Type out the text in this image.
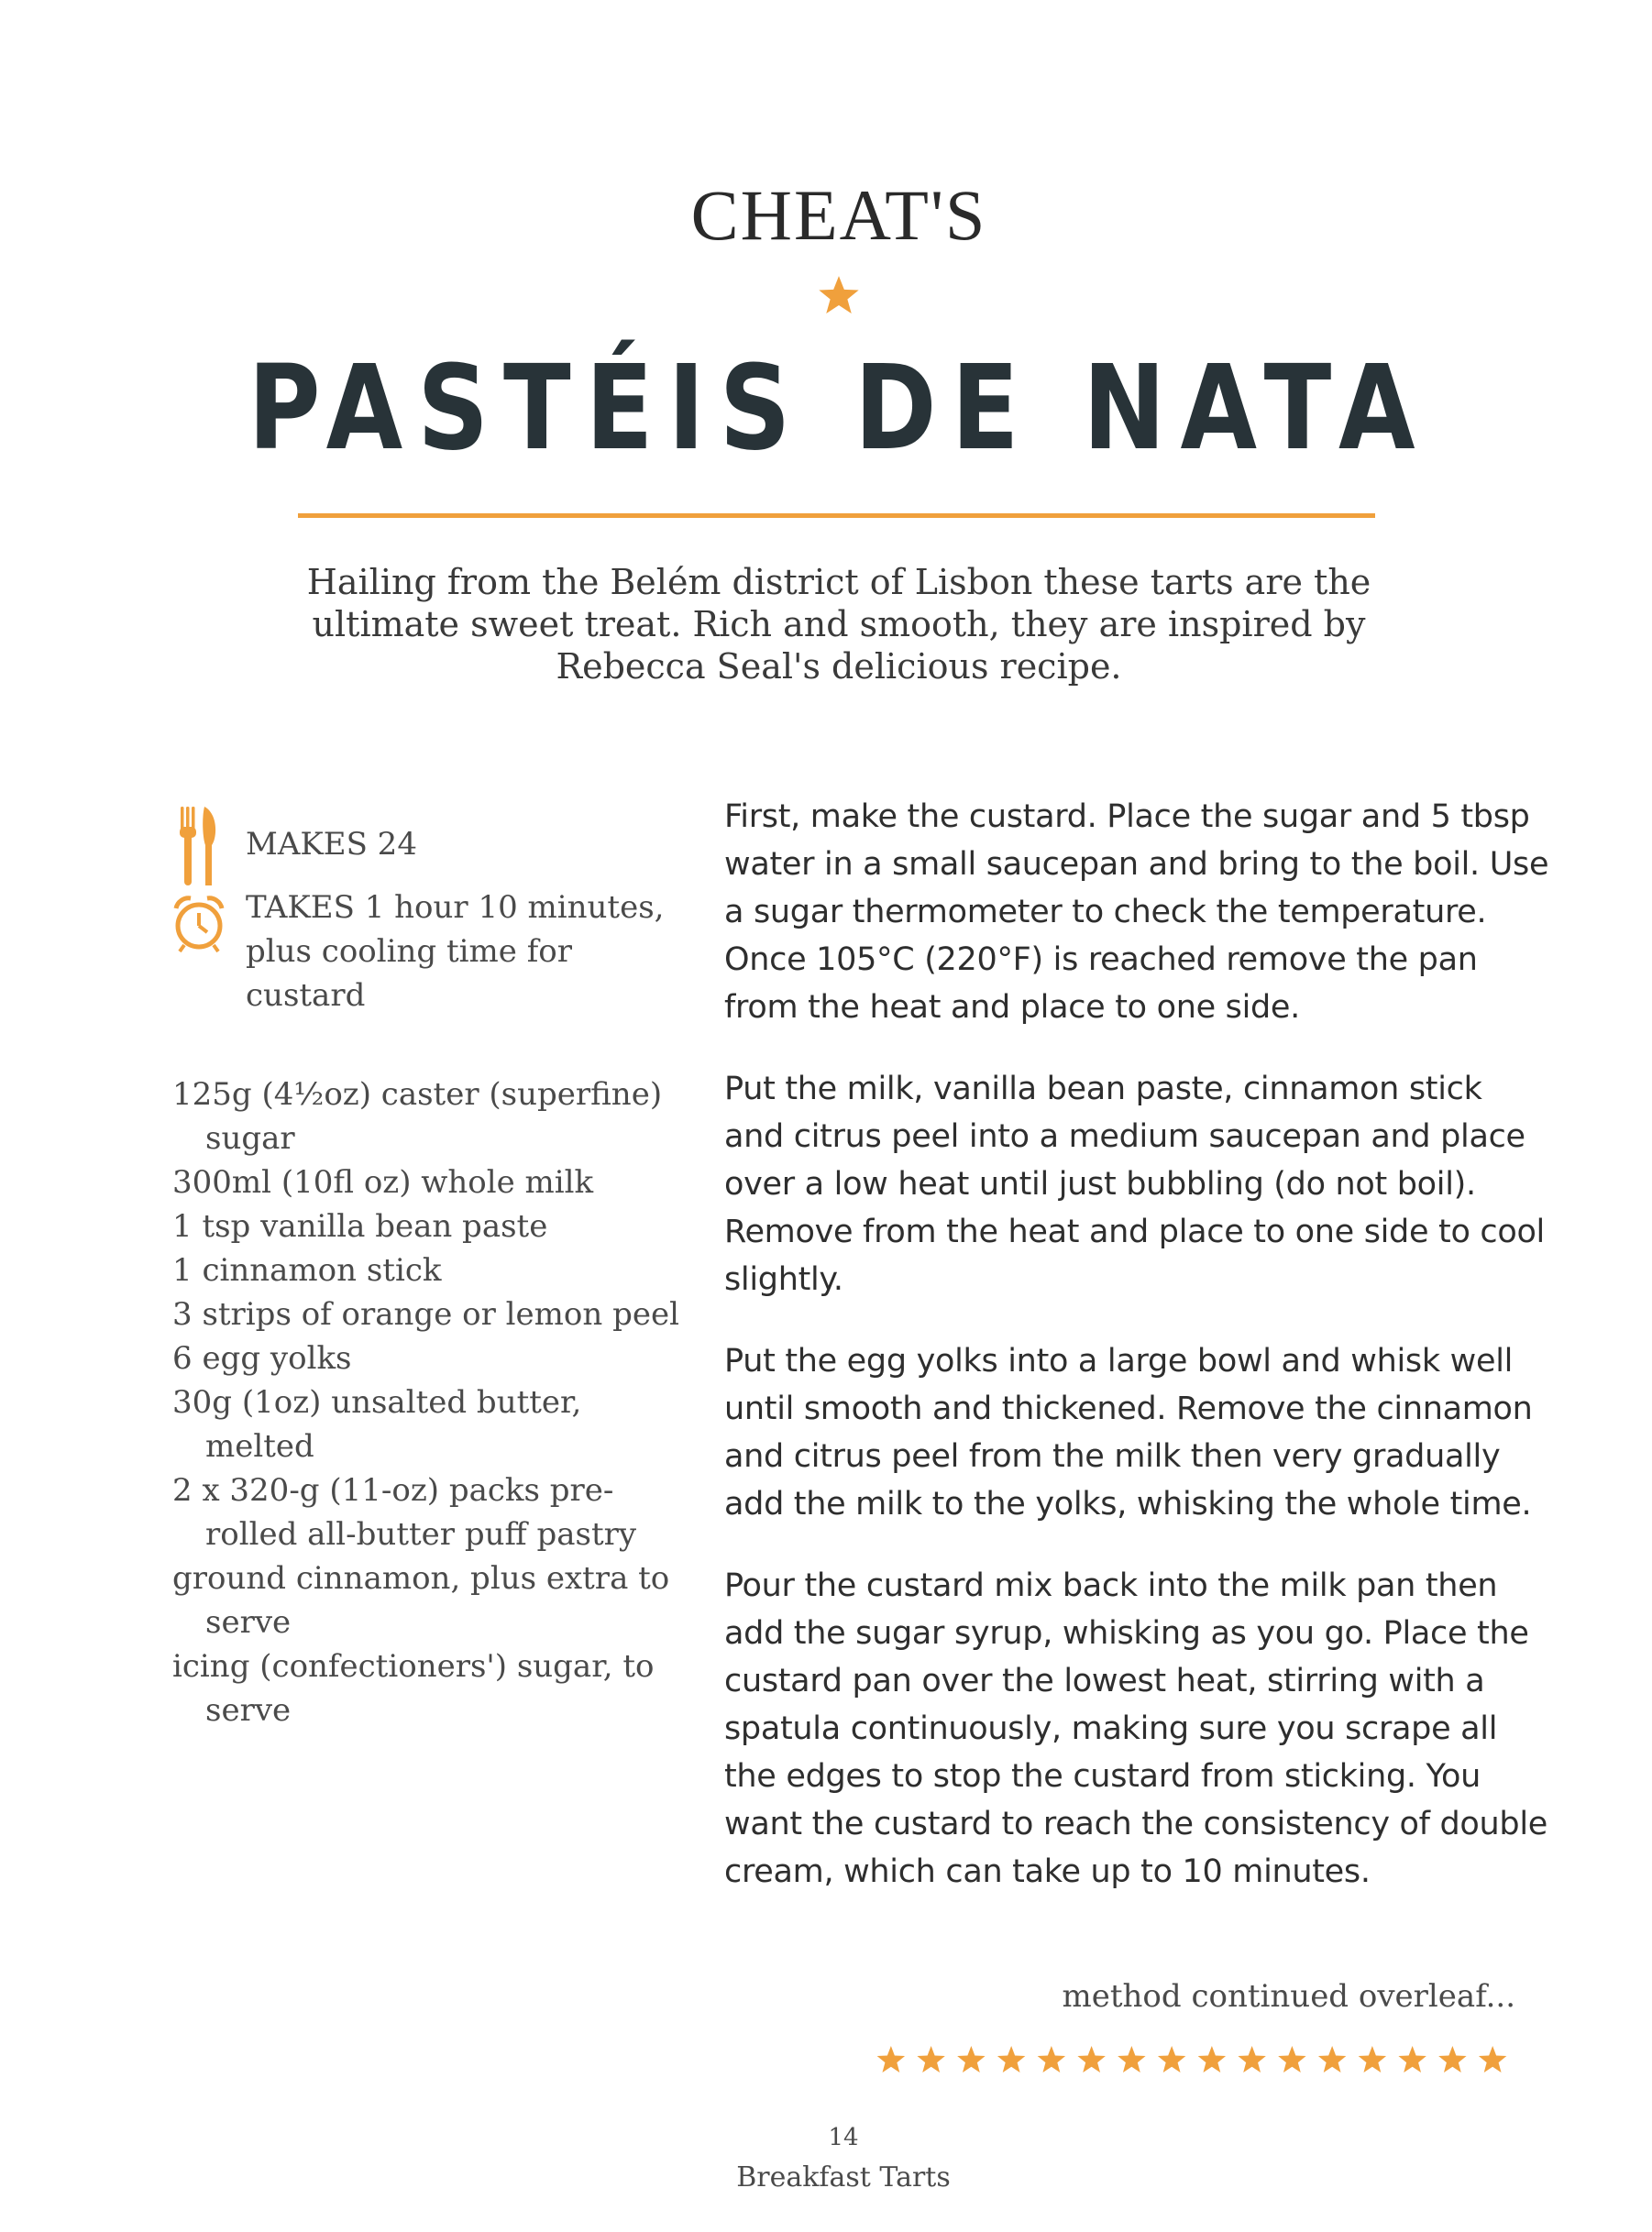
CHEAT'S
PASTÉIS DE NATA
Hailing from the Belém district of Lisbon these tarts are the ultimate sweet treat. Rich and smooth, they are inspired by Rebecca Seal's delicious recipe.
MAKES 24
TAKES 1 hour 10 minutes, plus cooling time for custard
125g (4½oz) caster (superfine) sugar
300ml (10fl oz) whole milk
1 tsp vanilla bean paste
1 cinnamon stick
3 strips of orange or lemon peel
6 egg yolks
30g (1oz) unsalted butter, melted
2 x 320-g (11-oz) packs pre-rolled all-butter puff pastry
ground cinnamon, plus extra to serve
icing (confectioners') sugar, to serve

First, make the custard. Place the sugar and 5 tbsp water in a small saucepan and bring to the boil. Use a sugar thermometer to check the temperature. Once 105°C (220°F) is reached remove the pan from the heat and place to one side.

Put the milk, vanilla bean paste, cinnamon stick and citrus peel into a medium saucepan and place over a low heat until just bubbling (do not boil). Remove from the heat and place to one side to cool slightly.

Put the egg yolks into a large bowl and whisk well until smooth and thickened. Remove the cinnamon and citrus peel from the milk then very gradually add the milk to the yolks, whisking the whole time.

Pour the custard mix back into the milk pan then add the sugar syrup, whisking as you go. Place the custard pan over the lowest heat, stirring with a spatula continuously, making sure you scrape all the edges to stop the custard from sticking. You want the custard to reach the consistency of double cream, which can take up to 10 minutes.

method continued overleaf...
14
Breakfast Tarts
